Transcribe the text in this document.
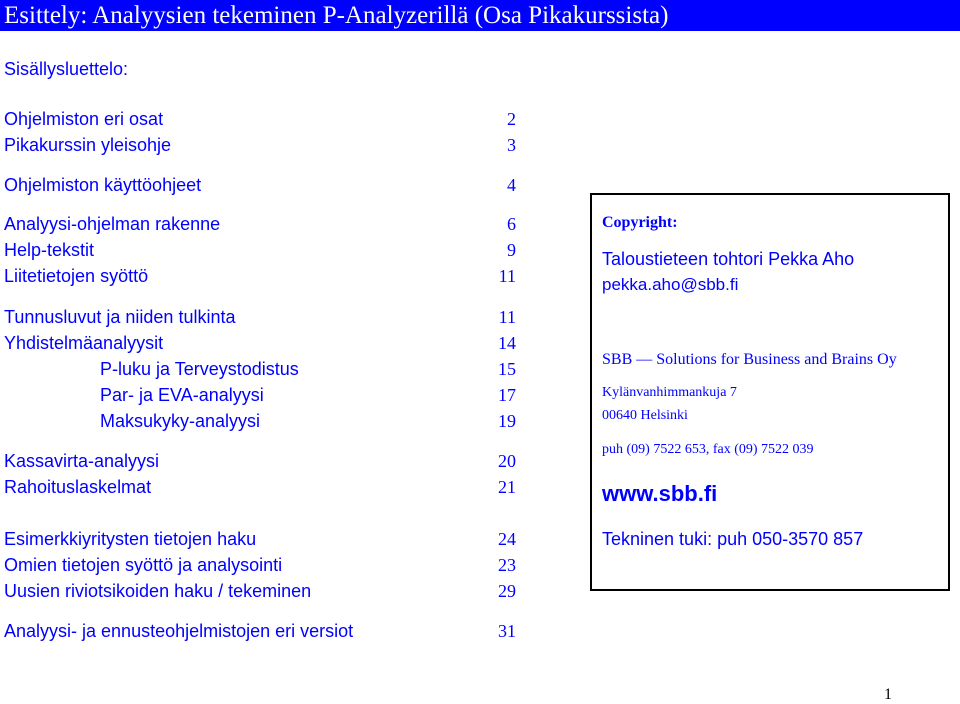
Esittely: Analyysien tekeminen P-Analyzerillä (Osa Pikakurssista)
Sisällysluettelo:
Ohjelmiston eri osat	2
Pikakurssin yleisohje	3
Ohjelmiston käyttöohjeet	4
Analyysi-ohjelman rakenne	6
Help-tekstit	9
Liitetietojen syöttö	11
Tunnusluvut ja niiden tulkinta	11
Yhdistelmäanalyysit	14
P-luku ja Terveystodistus	15
Par- ja EVA-analyysi	17
Maksukyky-analyysi	19
Kassavirta-analyysi	20
Rahoituslaskelmat	21
Esimerkkiyritysten tietojen haku	24
Omien tietojen syöttö ja analysointi	23
Uusien riviotsikoiden haku / tekeminen	29
Analyysi- ja ennusteohjelmistojen eri versiot	31
Copyright:
Taloustieteen tohtori Pekka Aho
pekka.aho@sbb.fi
SBB — Solutions for Business and Brains Oy
Kylänvanhimmankuja 7
00640 Helsinki
puh (09) 7522 653, fax (09) 7522 039
www.sbb.fi
Tekninen tuki: puh 050-3570 857
1
